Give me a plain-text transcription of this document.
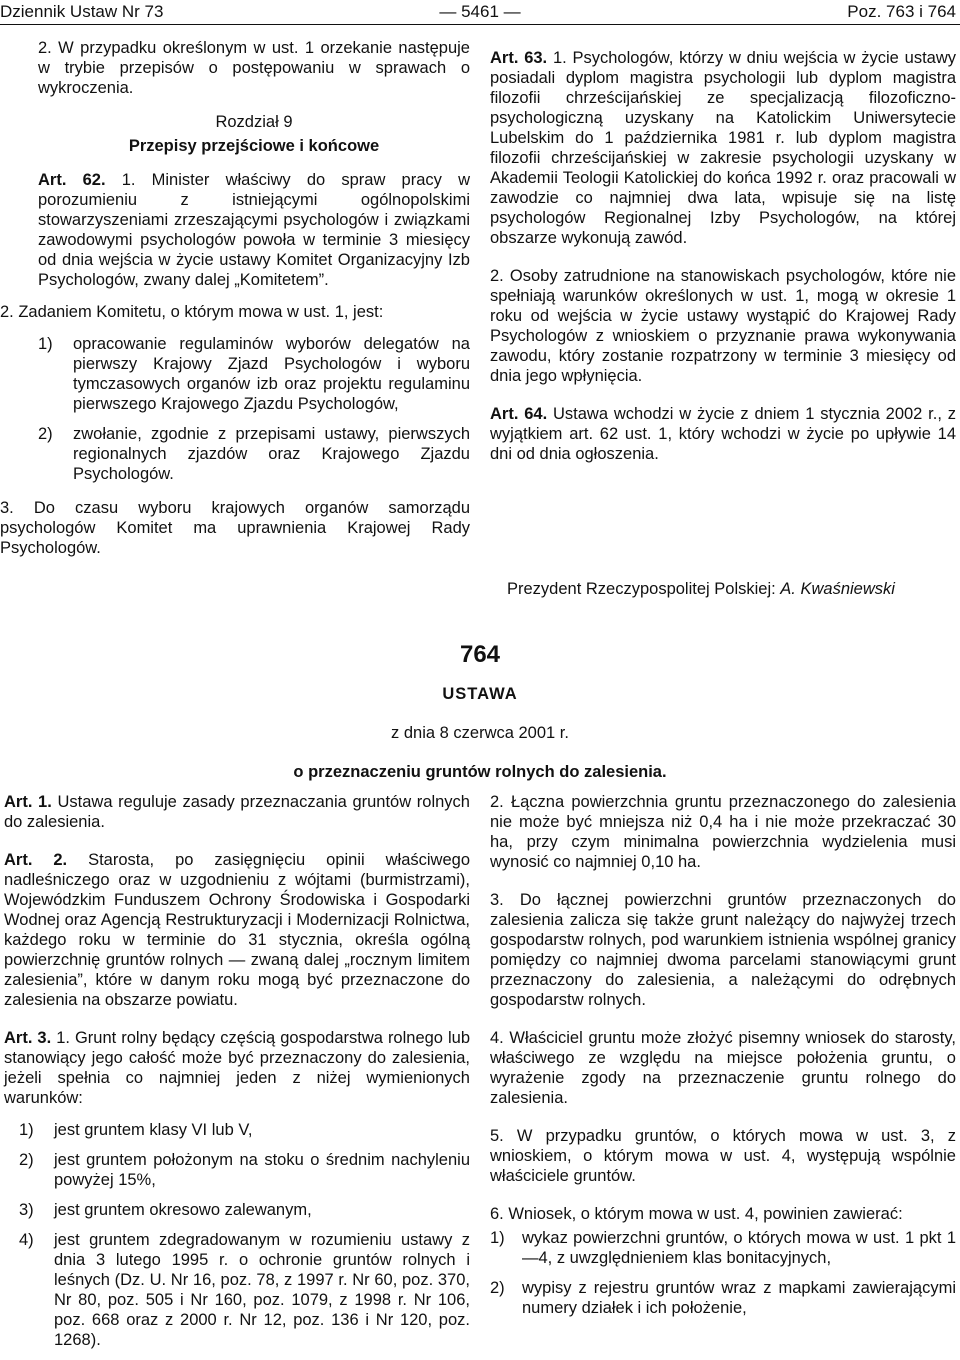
Dziennik Ustaw Nr 73	— 5461 —	Poz. 763 i 764

2. W przypadku określonym w ust. 1 orzekanie następuje w trybie przepisów o postępowaniu w sprawach o wykroczenia.

Rozdział 9
Przepisy przejściowe i końcowe

Art. 62. 1. Minister właściwy do spraw pracy w porozumieniu z istniejącymi ogólnopolskimi stowarzyszeniami zrzeszającymi psychologów i związkami zawodowymi psychologów powoła w terminie 3 miesięcy od dnia wejścia w życie ustawy Komitet Organizacyjny Izb Psychologów, zwany dalej „Komitetem”.

2. Zadaniem Komitetu, o którym mowa w ust. 1, jest:

1) opracowanie regulaminów wyborów delegatów na pierwszy Krajowy Zjazd Psychologów i wyboru tymczasowych organów izb oraz projektu regulaminu pierwszego Krajowego Zjazdu Psychologów,
2) zwołanie, zgodnie z przepisami ustawy, pierwszych regionalnych zjazdów oraz Krajowego Zjazdu Psychologów.

3. Do czasu wyboru krajowych organów samorządu psychologów Komitet ma uprawnienia Krajowej Rady Psychologów.

Art. 63. 1. Psychologów, którzy w dniu wejścia w życie ustawy posiadali dyplom magistra psychologii lub dyplom magistra filozofii chrześcijańskiej ze specjalizacją filozoficzno-psychologiczną uzyskany na Katolickim Uniwersytecie Lubelskim do 1 października 1981 r. lub dyplom magistra filozofii chrześcijańskiej w zakresie psychologii uzyskany w Akademii Teologii Katolickiej do końca 1992 r. oraz pracowali w zawodzie co najmniej dwa lata, wpisuje się na listę psychologów Regionalnej Izby Psychologów, na której obszarze wykonują zawód.

2. Osoby zatrudnione na stanowiskach psychologów, które nie spełniają warunków określonych w ust. 1, mogą w okresie 1 roku od wejścia w życie ustawy wystąpić do Krajowej Rady Psychologów z wnioskiem o przyznanie prawa wykonywania zawodu, który zostanie rozpatrzony w terminie 3 miesięcy od dnia jego wpłynięcia.

Art. 64. Ustawa wchodzi w życie z dniem 1 stycznia 2002 r., z wyjątkiem art. 62 ust. 1, który wchodzi w życie po upływie 14 dni od dnia ogłoszenia.

Prezydent Rzeczypospolitej Polskiej: A. Kwaśniewski
764
USTAWA
z dnia 8 czerwca 2001 r.
o przeznaczeniu gruntów rolnych do zalesienia.

Art. 1. Ustawa reguluje zasady przeznaczania gruntów rolnych do zalesienia.

Art. 2. Starosta, po zasięgnięciu opinii właściwego nadleśniczego oraz w uzgodnieniu z wójtami (burmistrzami), Wojewódzkim Funduszem Ochrony Środowiska i Gospodarki Wodnej oraz Agencją Restrukturyzacji i Modernizacji Rolnictwa, każdego roku w terminie do 31 stycznia, określa ogólną powierzchnię gruntów rolnych — zwaną dalej „rocznym limitem zalesienia”, które w danym roku mogą być przeznaczone do zalesienia na obszarze powiatu.

Art. 3. 1. Grunt rolny będący częścią gospodarstwa rolnego lub stanowiący jego całość może być przeznaczony do zalesienia, jeżeli spełnia co najmniej jeden z niżej wymienionych warunków:

1) jest gruntem klasy VI lub V,
2) jest gruntem położonym na stoku o średnim nachyleniu powyżej 15%,
3) jest gruntem okresowo zalewanym,
4) jest gruntem zdegradowanym w rozumieniu ustawy z dnia 3 lutego 1995 r. o ochronie gruntów rolnych i leśnych (Dz. U. Nr 16, poz. 78, z 1997 r. Nr 60, poz. 370, Nr 80, poz. 505 i Nr 160, poz. 1079, z 1998 r. Nr 106, poz. 668 oraz z 2000 r. Nr 12, poz. 136 i Nr 120, poz. 1268).

2. Łączna powierzchnia gruntu przeznaczonego do zalesienia nie może być mniejsza niż 0,4 ha i nie może przekraczać 30 ha, przy czym minimalna powierzchnia wydzielenia musi wynosić co najmniej 0,10 ha.

3. Do łącznej powierzchni gruntów przeznaczonych do zalesienia zalicza się także grunt należący do najwyżej trzech gospodarstw rolnych, pod warunkiem istnienia wspólnej granicy pomiędzy co najmniej dwoma parcelami stanowiącymi grunt przeznaczony do zalesienia, a należącymi do odrębnych gospodarstw rolnych.

4. Właściciel gruntu może złożyć pisemny wniosek do starosty, właściwego ze względu na miejsce położenia gruntu, o wyrażenie zgody na przeznaczenie gruntu rolnego do zalesienia.

5. W przypadku gruntów, o których mowa w ust. 3, z wnioskiem, o którym mowa w ust. 4, występują wspólnie właściciele gruntów.

6. Wniosek, o którym mowa w ust. 4, powinien zawierać:

1) wykaz powierzchni gruntów, o których mowa w ust. 1 pkt 1—4, z uwzględnieniem klas bonitacyjnych,
2) wypisy z rejestru gruntów wraz z mapkami zawierającymi numery działek i ich położenie,
